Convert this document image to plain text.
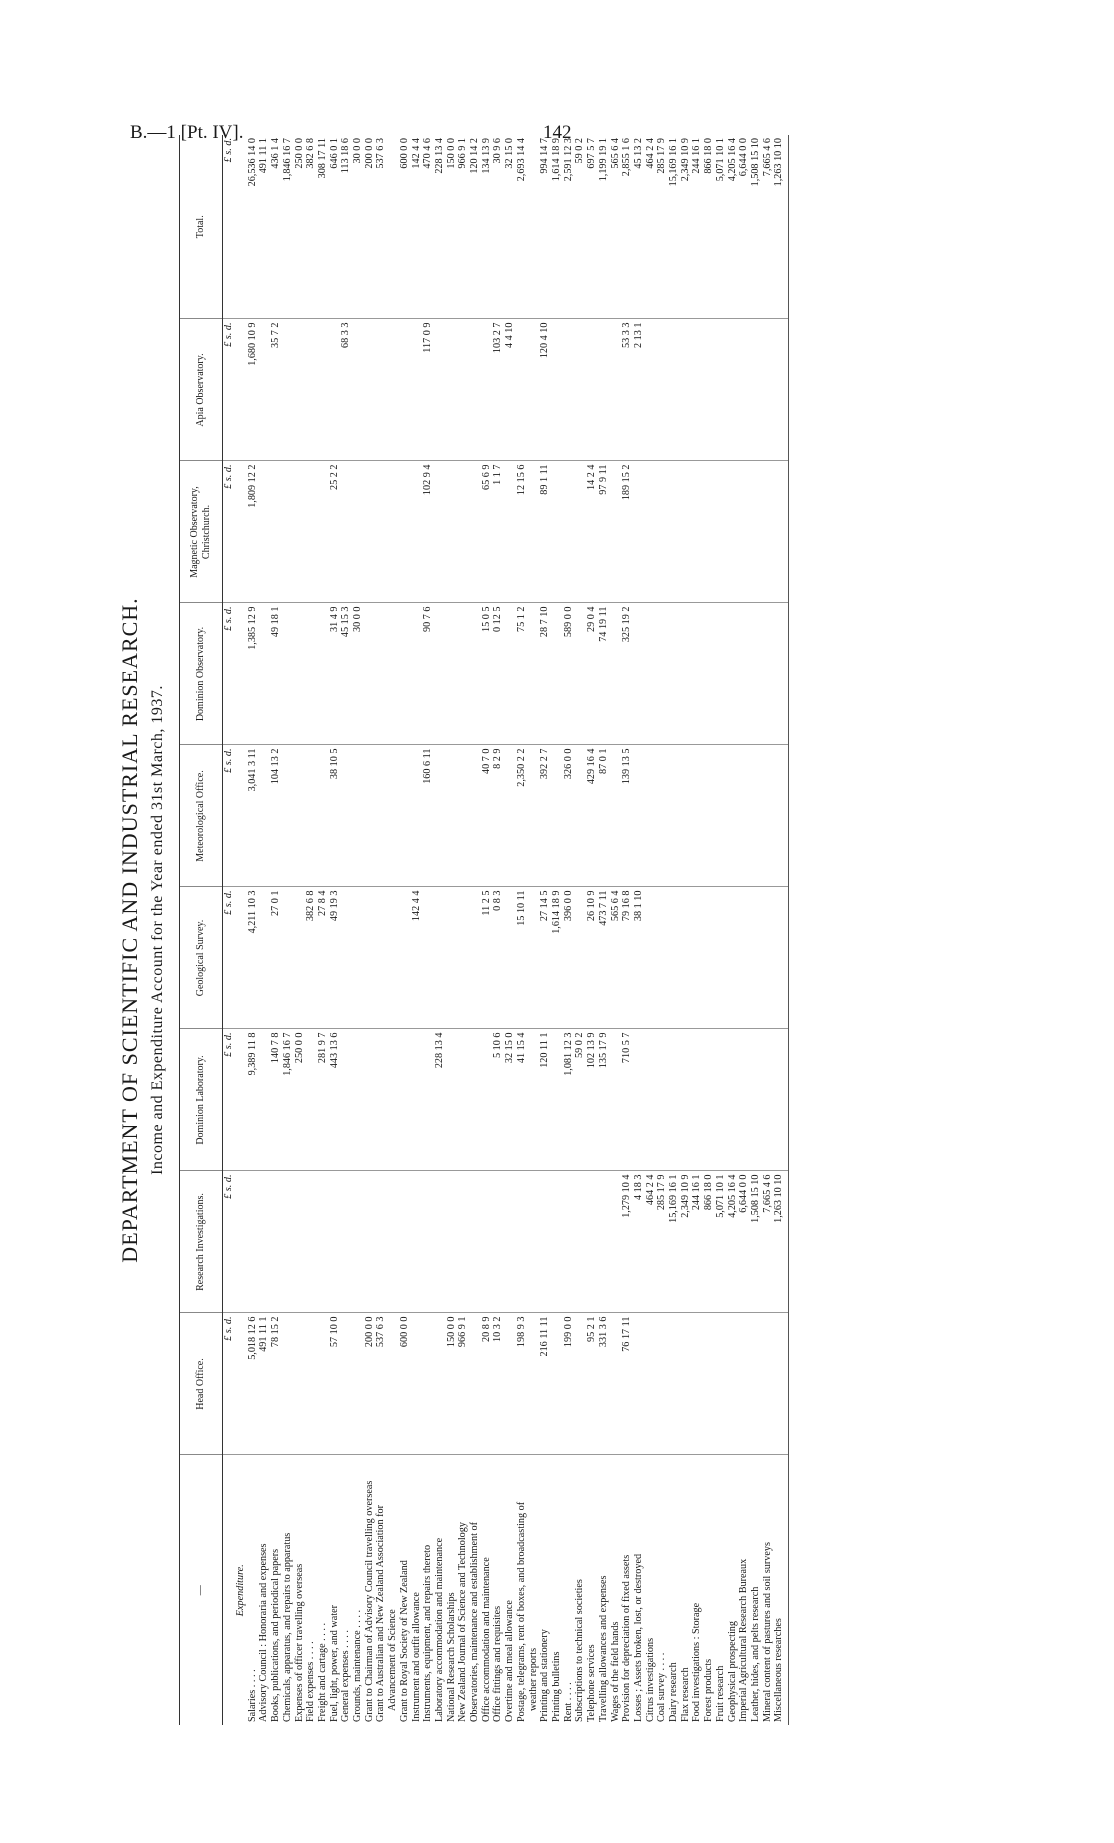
B.—1 [Pt. IV].	142
DEPARTMENT OF SCIENTIFIC AND INDUSTRIAL RESEARCH. Income and Expenditure Account for the Year ended 31st March, 1937.
—	Head Office.	Research Investigations.	Dominion Laboratory.	Geological Survey.	Meteorological Office.	Dominion Observatory.	Magnetic Observatory, Christchurch.	Apia Observatory.	Total.
	£ s. d.	£ s. d.	£ s. d.	£ s. d.	£ s. d.	£ s. d.	£ s. d.	£ s. d.	£ s. d.
Expenditure.									
Salaries . . . .	5,018 12 6		9,389 11 8	4,211 10 3	3,041 3 11	1,385 12 9	1,809 12 2	1,680 10 9	26,536 14 0
Advisory Council : Honoraria and expenses	491 11 1								491 11 1
Books, publications, and periodical papers	78 15 2		140 7 8	27 0 1	104 13 2	49 18 1		35 7 2	436 1 4
Chemicals, apparatus, and repairs to apparatus			1,846 16 7						1,846 16 7
Expenses of officer travelling overseas			250 0 0						250 0 0
Field expenses . . . .				382 6 8					382 6 8
Freight and cartage . . . .			281 9 7	27 8 4					308 17 11
Fuel, light, power, and water	57 10 0		443 13 6	49 19 3	38 10 5	31 4 9	25 2 2		646 0 1
General expenses . . . .						45 15 3		68 3 3	113 18 6
Grounds, maintenance . . . .						30 0 0			30 0 0
Grant to Chairman of Advisory Council travelling overseas	200 0 0								200 0 0
Grant to Australian and New Zealand Association for	537 6 3								537 6 3
Advancement of Science									
Grant to Royal Society of New Zealand	600 0 0								600 0 0
Instrument and outfit allowance				142 4 4					142 4 4
Instruments, equipment, and repairs thereto					160 6 11	90 7 6	102 9 4	117 0 9	470 4 6
Laboratory accommodation and maintenance			228 13 4						228 13 4
National Research Scholarships	150 0 0								150 0 0
New Zealand Journal of Science and Technology	966 9 1								966 9 1
Observatories, maintenance and establishment of									120 14 2
Office accommodation and maintenance	20 8 9			11 2 5	40 7 0	15 0 5	65 6 9		134 13 9
Office fittings and requisites	10 3 2		5 10 6	0 8 3	8 2 9	0 12 5	1 1 7	103 2 7	30 9 6
Overtime and meal allowance			32 15 0					4 4 10	32 15 0
Postage, telegrams, rent of boxes, and broadcasting of	198 9 3		41 15 4	15 10 11	2,350 2 2	75 1 2	12 15 6		2,693 14 4
weather reports									
Printing and stationery	216 11 11		120 11 1	27 14 5	392 2 7	28 7 10	89 1 11	120 4 10	994 14 7
Printing bulletins				1,614 18 9					1,614 18 9
Rent . . . .	199 0 0		1,081 12 3	396 0 0	326 0 0	589 0 0			2,591 12 3
Subscriptions to technical societies			59 0 2						59 0 2
Telephone services	95 2 1		102 13 9	26 10 9	429 16 4	29 0 4	14 2 4		697 5 7
Travelling allowances and expenses	331 3 6		135 17 9	473 7 11	87 0 1	74 19 11	97 9 11		1,199 19 1
Wages of the field hands				565 6 4					565 6 4
Provision for depreciation of fixed assets	76 17 11	1,279 10 4	710 5 7	79 16 8	139 13 5	325 19 2	189 15 2	53 3 3	2,855 1 6
Losses ; Assets broken, lost, or destroyed		4 18 3		38 1 10				2 13 1	45 13 2
Citrus investigations		464 2 4							464 2 4
Coal survey . . . .		285 17 9							285 17 9
Dairy research		15,169 16 1							15,169 16 1
Flax research		2,349 10 9							2,349 10 9
Food investigations : Storage		244 16 1							244 16 1
Forest products		866 18 0							866 18 0
Fruit research		5,071 10 1							5,071 10 1
Geophysical prospecting		4,205 16 4							4,205 16 4
Imperial Agricultural Research Bureaux		6,644 0 0							6,644 0 0
Leather, hides, and pelts research		1,508 15 10							1,508 15 10
Mineral content of pastures and soil surveys		7,665 4 6							7,665 4 6
Miscellaneous researches		1,263 10 10							1,263 10 10
